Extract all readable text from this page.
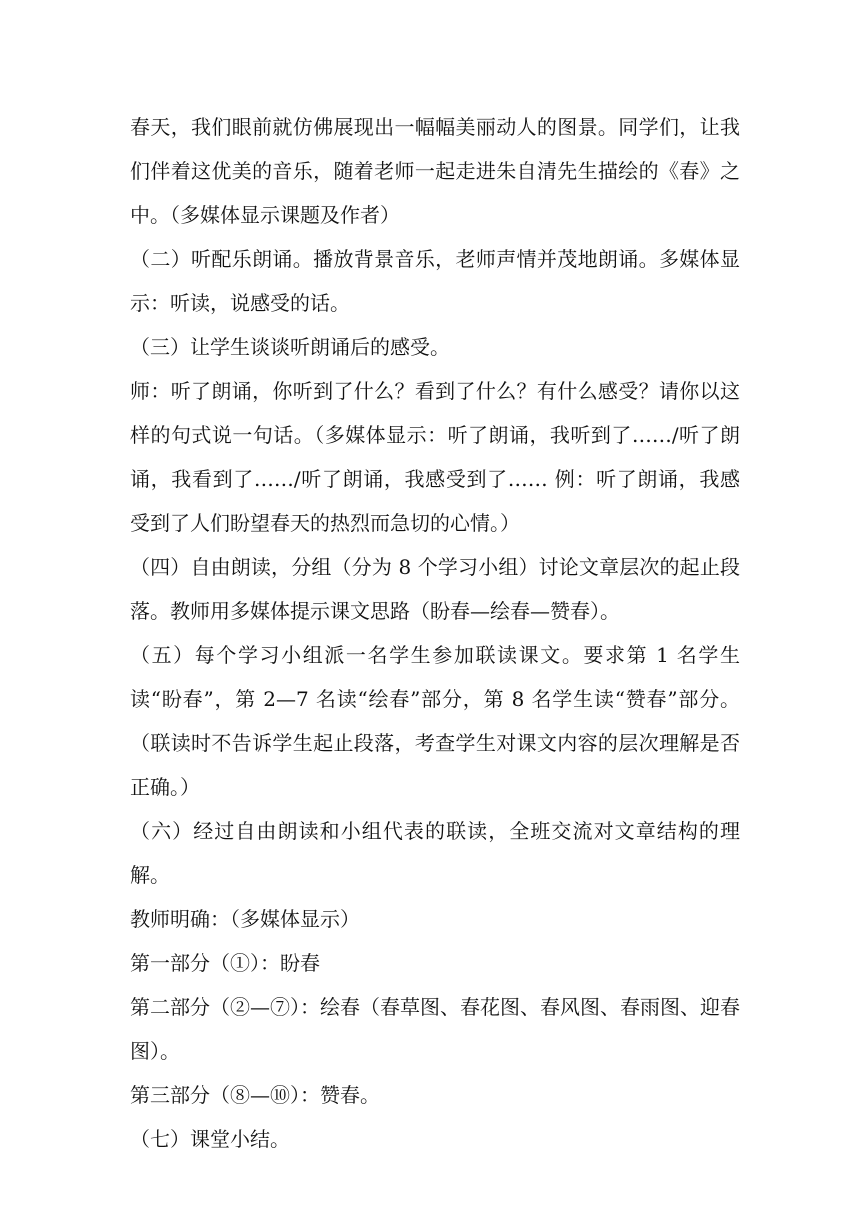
春天，我们眼前就仿佛展现出一幅幅美丽动人的图景。同学们，让我们伴着这优美的音乐，随着老师一起走进朱自清先生描绘的《春》之中。（多媒体显示课题及作者）

（二）听配乐朗诵。播放背景音乐，老师声情并茂地朗诵。多媒体显示：听读，说感受的话。

（三）让学生谈谈听朗诵后的感受。

师：听了朗诵，你听到了什么？看到了什么？有什么感受？请你以这样的句式说一句话。（多媒体显示：听了朗诵，我听到了……/听了朗诵，我看到了……/听了朗诵，我感受到了…… 例：听了朗诵，我感受到了人们盼望春天的热烈而急切的心情。）

（四）自由朗读，分组（分为 8 个学习小组）讨论文章层次的起止段落。教师用多媒体提示课文思路（盼春—绘春—赞春）。

（五）每个学习小组派一名学生参加联读课文。要求第 1 名学生读“盼春”，第 2—7 名读“绘春”部分，第 8 名学生读“赞春”部分。（联读时不告诉学生起止段落，考查学生对课文内容的层次理解是否正确。）

（六）经过自由朗读和小组代表的联读，全班交流对文章结构的理解。

教师明确：（多媒体显示）

第一部分（①）：盼春

第二部分（②—⑦）：绘春（春草图、春花图、春风图、春雨图、迎春图）。

第三部分（⑧—⑩）：赞春。

（七）课堂小结。
